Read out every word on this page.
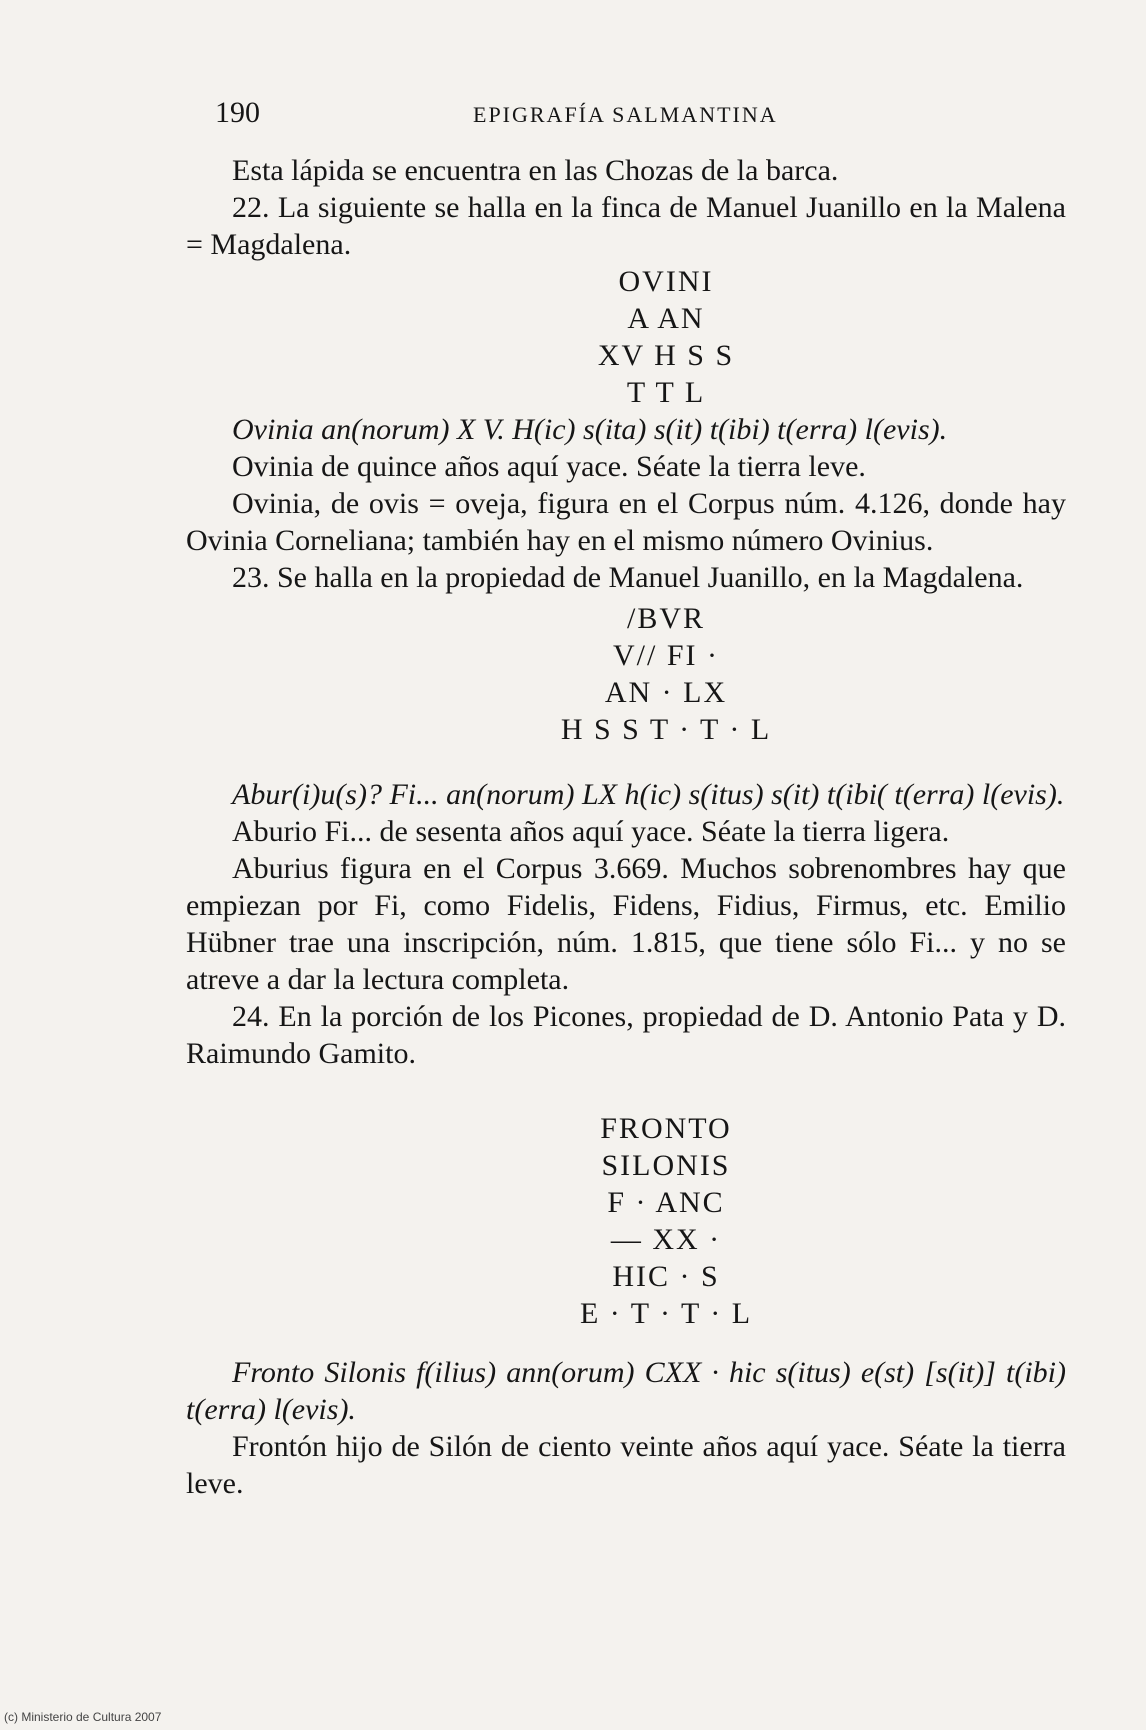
190	EPIGRAFÍA SALMANTINA

Esta lápida se encuentra en las Chozas de la barca.

22. La siguiente se halla en la finca de Manuel Juanillo en la Malena = Magdalena.

OVINI
A AN
XV H S S
T T L

Ovinia an(norum) X V. H(ic) s(ita) s(it) t(ibi) t(erra) l(evis).

Ovinia de quince años aquí yace. Séate la tierra leve.

Ovinia, de ovis = oveja, figura en el Corpus núm. 4.126, donde hay Ovinia Corneliana; también hay en el mismo número Ovinius.

23. Se halla en la propiedad de Manuel Juanillo, en la Magdalena.

/BVR
V// FI ·
AN · LX
H S S T · T · L

Abur(i)u(s)? Fi... an(norum) LX h(ic) s(itus) s(it) t(ibi( t(erra) l(evis).

Aburio Fi... de sesenta años aquí yace. Séate la tierra ligera.

Aburius figura en el Corpus 3.669. Muchos sobrenombres hay que empiezan por Fi, como Fidelis, Fidens, Fidius, Firmus, etc. Emilio Hübner trae una inscripción, núm. 1.815, que tiene sólo Fi... y no se atreve a dar la lectura completa.

24. En la porción de los Picones, propiedad de D. Antonio Pata y D. Raimundo Gamito.

FRONTO
SILONIS
F · ANC
— XX ·
HIC · S
E · T · T · L

Fronto Silonis f(ilius) ann(orum) CXX · hic s(itus) e(st) [s(it)] t(ibi) t(erra) l(evis).

Frontón hijo de Silón de ciento veinte años aquí yace. Séate la tierra leve.

(c) Ministerio de Cultura 2007
